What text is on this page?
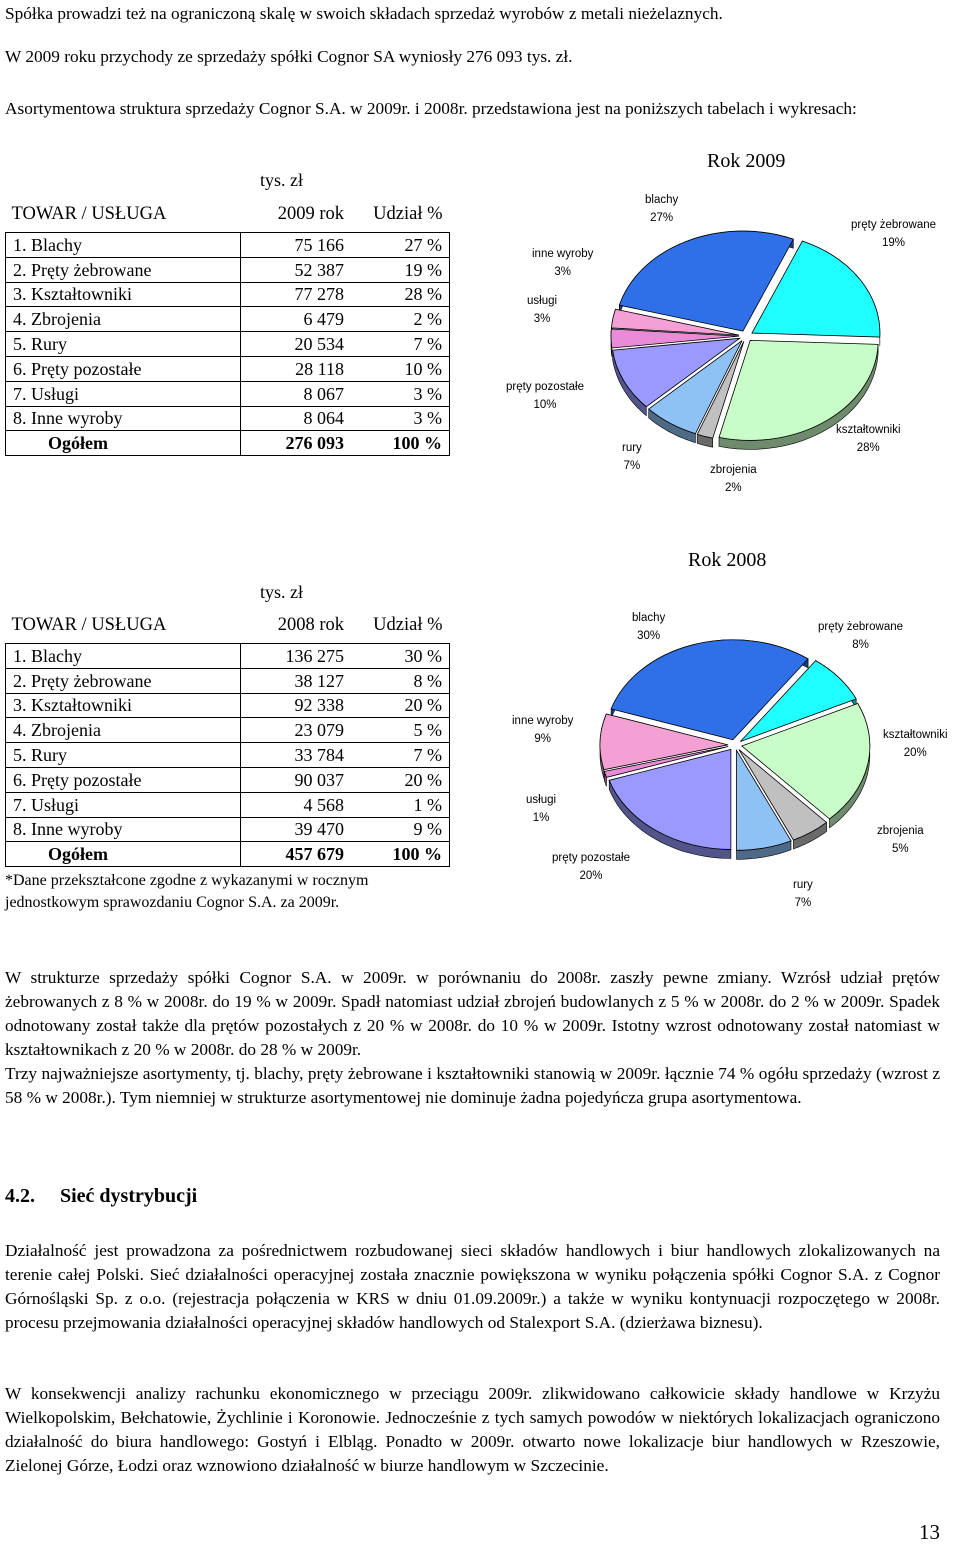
Spółka prowadzi też na ograniczoną skalę w swoich składach sprzedaż wyrobów z metali nieżelaznych.

W 2009 roku przychody ze sprzedaży spółki Cognor SA wyniosły 276 093 tys. zł.

Asortymentowa struktura sprzedaży Cognor S.A. w 2009r. i 2008r. przedstawiona jest na poniższych tabelach i wykresach:

tys. zł
TOWAR / USŁUGA	2009 rok	Udział %
1. Blachy	75 166	27 %
2. Pręty żebrowane	52 387	19 %
3. Kształtowniki	77 278	28 %
4. Zbrojenia	6 479	2 %
5. Rury	20 534	7 %
6. Pręty pozostałe	28 118	10 %
7. Usługi	8 067	3 %
8. Inne wyroby	8 064	3 %
Ogółem	276 093	100 %
Rok 2009
blachy
27%
pręty żebrowane
19%
kształtowniki
28%
zbrojenia
2%
rury
7%
pręty pozostałe
10%
usługi
3%
inne wyroby
3%
tys. zł
TOWAR / USŁUGA	2008 rok	Udział %
1. Blachy	136 275	30 %
2. Pręty żebrowane	38 127	8 %
3. Kształtowniki	92 338	20 %
4. Zbrojenia	23 079	5 %
5. Rury	33 784	7 %
6. Pręty pozostałe	90 037	20 %
7. Usługi	4 568	1 %
8. Inne wyroby	39 470	9 %
Ogółem	457 679	100 %
*Dane przekształcone zgodne z wykazanymi w rocznym
jednostkowym sprawozdaniu Cognor S.A. za 2009r.
Rok 2008
blachy
30%
pręty żebrowane
8%
kształtowniki
20%
zbrojenia
5%
rury
7%
pręty pozostałe
20%
usługi
1%
inne wyroby
9%

W strukturze sprzedaży spółki Cognor S.A. w 2009r. w porównaniu do 2008r. zaszły pewne zmiany. Wzrósł udział prętów żebrowanych z 8 % w 2008r. do 19 % w 2009r. Spadł natomiast udział zbrojeń budowlanych z 5 % w 2008r. do 2 % w 2009r. Spadek odnotowany został także dla prętów pozostałych z 20 % w 2008r. do 10 % w 2009r. Istotny wzrost odnotowany został natomiast w kształtownikach z 20 % w 2008r. do 28 % w 2009r.

Trzy najważniejsze asortymenty, tj. blachy, pręty żebrowane i kształtowniki stanowią w 2009r. łącznie 74 % ogółu sprzedaży (wzrost z 58 % w 2008r.). Tym niemniej w strukturze asortymentowej nie dominuje żadna pojedyńcza grupa asortymentowa.

4.2. Sieć dystrybucji

Działalność jest prowadzona za pośrednictwem rozbudowanej sieci składów handlowych i biur handlowych zlokalizowanych na terenie całej Polski. Sieć działalności operacyjnej została znacznie powiększona w wyniku połączenia spółki Cognor S.A. z Cognor Górnośląski Sp. z o.o. (rejestracja połączenia w KRS w dniu 01.09.2009r.) a także w wyniku kontynuacji rozpoczętego w 2008r. procesu przejmowania działalności operacyjnej składów handlowych od Stalexport S.A. (dzierżawa biznesu).

W konsekwencji analizy rachunku ekonomicznego w przeciągu 2009r. zlikwidowano całkowicie składy handlowe w Krzyżu Wielkopolskim, Bełchatowie, Żychlinie i Koronowie. Jednocześnie z tych samych powodów w niektórych lokalizacjach ograniczono działalność do biura handlowego: Gostyń i Elbląg. Ponadto w 2009r. otwarto nowe lokalizacje biur handlowych w Rzeszowie, Zielonej Górze, Łodzi oraz wznowiono działalność w biurze handlowym w Szczecinie.

13
